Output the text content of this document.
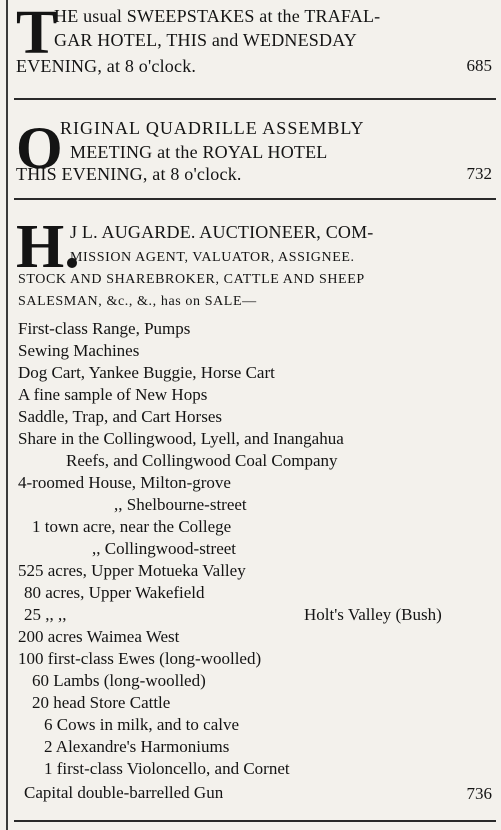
T
HE usual SWEEPSTAKES at the TRAFAL-
GAR HOTEL, THIS and WEDNESDAY
EVENING, at 8 o'clock.	685
O
RIGINAL QUADRILLE ASSEMBLY
MEETING at the ROYAL HOTEL
THIS EVENING, at 8 o'clock.	732
H.
J L. AUGARDE. AUCTIONEER, COM-
MISSION AGENT, VALUATOR, ASSIGNEE.
STOCK AND SHAREBROKER, CATTLE AND SHEEP
SALESMAN, &c., &., has on SALE—
First-class Range, Pumps
Sewing Machines
Dog Cart, Yankee Buggie, Horse Cart
A fine sample of New Hops
Saddle, Trap, and Cart Horses
Share in the Collingwood, Lyell, and Inangahua
Reefs, and Collingwood Coal Company
4-roomed House, Milton-grove
,, Shelbourne-street
1 town acre, near the College
,, Collingwood-street
525 acres, Upper Motueka Valley
80 acres, Upper Wakefield
25 ,, ,,	Holt's Valley (Bush)
200 acres Waimea West
100 first-class Ewes (long-woolled)
60 Lambs (long-woolled)
20 head Store Cattle
6 Cows in milk, and to calve
2 Alexandre's Harmoniums
1 first-class Violoncello, and Cornet
Capital double-barrelled Gun	736
